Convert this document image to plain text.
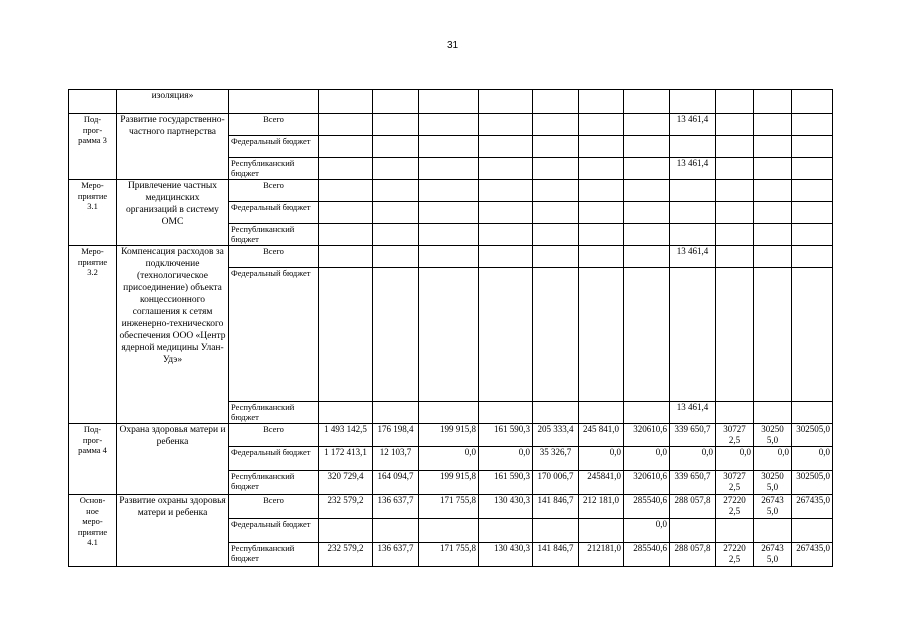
31
	изоляция»												
Под-
прог-
рамма 3	Развитие государственно-частного партнерства	Всего								13 461,4			
		Федеральный бюджет											
		Республиканский бюджет								13 461,4			
Меро-
приятие
3.1	Привлечение частных медицинских организаций в систему ОМС	Всего											
		Федеральный бюджет											
		Республиканский бюджет											
Меро-
приятие
3.2	Компенсация расходов за подключение (технологическое присоединение) объекта концессионного соглашения к сетям инженерно-технического обеспечения ООО «Центр ядерной медицины Улан-Удэ»	Всего								13 461,4			
		Федеральный бюджет											
		Республиканский бюджет								13 461,4			
Под-
прог-
рамма 4	Охрана здоровья матери и ребенка	Всего	1 493 142,5	176 198,4	199 915,8	161 590,3	205 333,4	245 841,0	320610,6	339 650,7	30727 2,5	30250 5,0	302505,0
		Федеральный бюджет	1 172 413,1	12 103,7	0,0	0,0	35 326,7	0,0	0,0	0,0	0,0	0,0	0,0
		Республиканский бюджет	320 729,4	164 094,7	199 915,8	161 590,3	170 006,7	245841,0	320610,6	339 650,7	30727 2,5	30250 5,0	302505,0
Основ-
ное
меро-
приятие
4.1	Развитие охраны здоровья матери и ребенка	Всего	232 579,2	136 637,7	171 755,8	130 430,3	141 846,7	212 181,0	285540,6	288 057,8	27220 2,5	26743 5,0	267435,0
		Федеральный бюджет							0,0				
		Республиканский бюджет	232 579,2	136 637,7	171 755,8	130 430,3	141 846,7	212181,0	285540,6	288 057,8	27220 2,5	26743 5,0	267435,0
